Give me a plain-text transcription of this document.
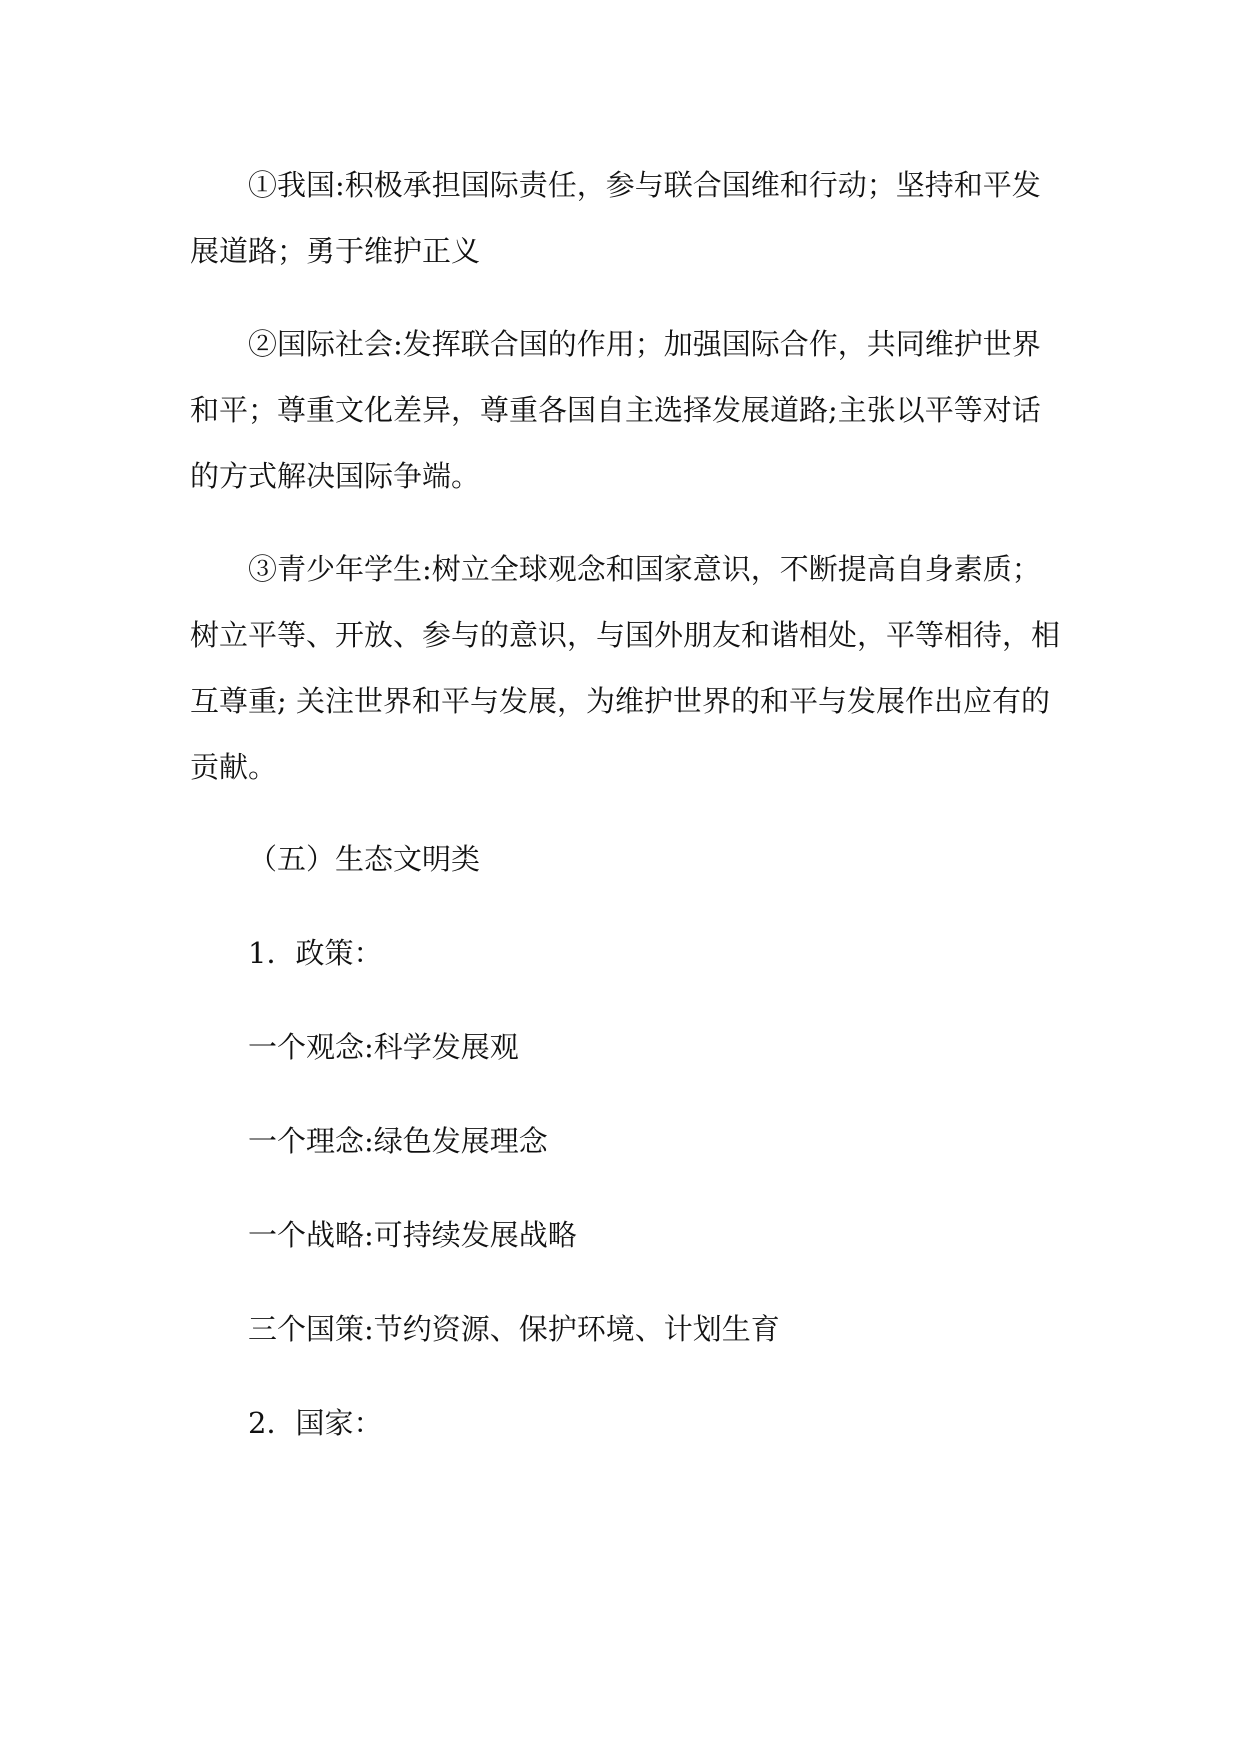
①我国:积极承担国际责任，参与联合国维和行动；坚持和平发展道路；勇于维护正义

②国际社会:发挥联合国的作用；加强国际合作，共同维护世界和平；尊重文化差异，尊重各国自主选择发展道路;主张以平等对话的方式解决国际争端。

③青少年学生:树立全球观念和国家意识，不断提高自身素质；树立平等、开放、参与的意识，与国外朋友和谐相处，平等相待，相互尊重; 关注世界和平与发展，为维护世界的和平与发展作出应有的贡献。

（五）生态文明类

1．政策：

一个观念:科学发展观

一个理念:绿色发展理念

一个战略:可持续发展战略

三个国策:节约资源、保护环境、计划生育

2．国家：
